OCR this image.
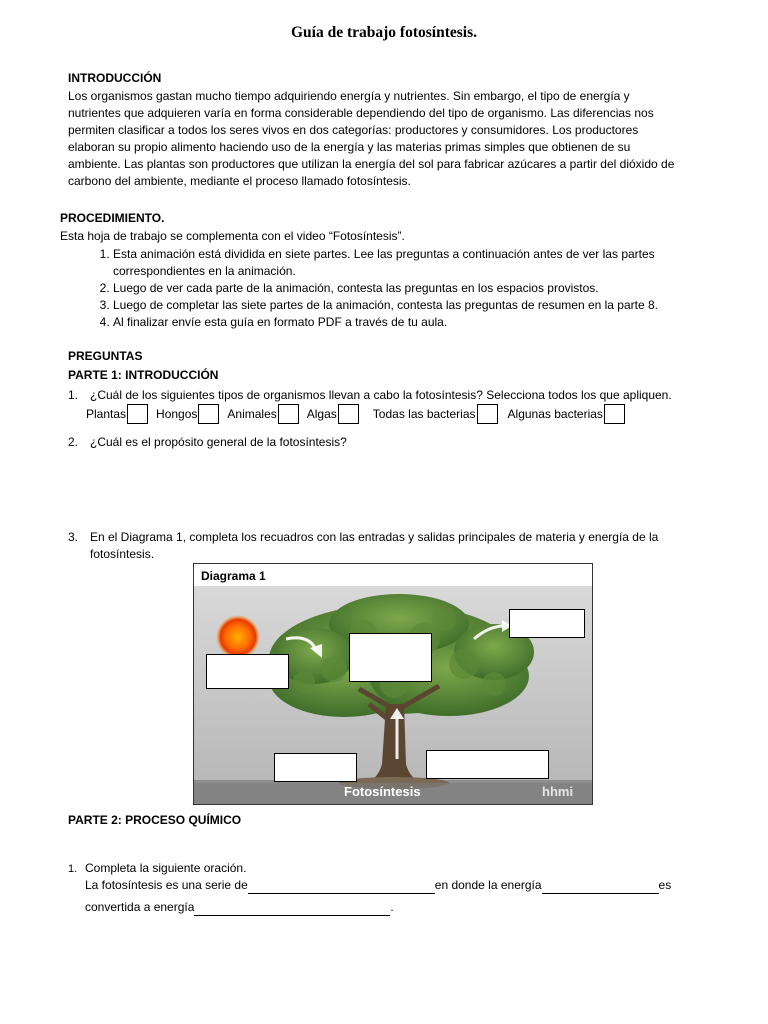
Guía de trabajo fotosíntesis.
INTRODUCCIÓN
Los organismos gastan mucho tiempo adquiriendo energía y nutrientes. Sin embargo, el tipo de energía y
nutrientes que adquieren varía en forma considerable dependiendo del tipo de organismo. Las diferencias nos
permiten clasificar a todos los seres vivos en dos categorías: productores y consumidores. Los productores
elaboran su propio alimento haciendo uso de la energía y las materias primas simples que obtienen de su
ambiente. Las plantas son productores que utilizan la energía del sol para fabricar azúcares a partir del dióxido de
carbono del ambiente, mediante el proceso llamado fotosíntesis.
PROCEDIMIENTO.
Esta hoja de trabajo se complementa con el video “Fotosíntesis”.
1. Esta animación está dividida en siete partes. Lee las preguntas a continuación antes de ver las partes correspondientes en la animación.
2. Luego de ver cada parte de la animación, contesta las preguntas en los espacios provistos.
3. Luego de completar las siete partes de la animación, contesta las preguntas de resumen en la parte 8.
4. Al finalizar envíe esta guía en formato PDF a través de tu aula.
PREGUNTAS
PARTE 1: INTRODUCCIÓN
1. ¿Cuál de los siguientes tipos de organismos llevan a cabo la fotosíntesis? Selecciona todos los que apliquen.
Plantas	Hongos	Animales	Algas	Todas las bacterias	Algunas bacterias
2. ¿Cuál es el propósito general de la fotosíntesis?
3. En el Diagrama 1, completa los recuadros con las entradas y salidas principales de materia y energía de la
fotosíntesis.
Diagrama 1
Fotosíntesis	hhmi
PARTE 2: PROCESO QUÍMICO
1. Completa la siguiente oración.
La fotosíntesis es una serie de	en donde la energía	es
convertida a energía	.
